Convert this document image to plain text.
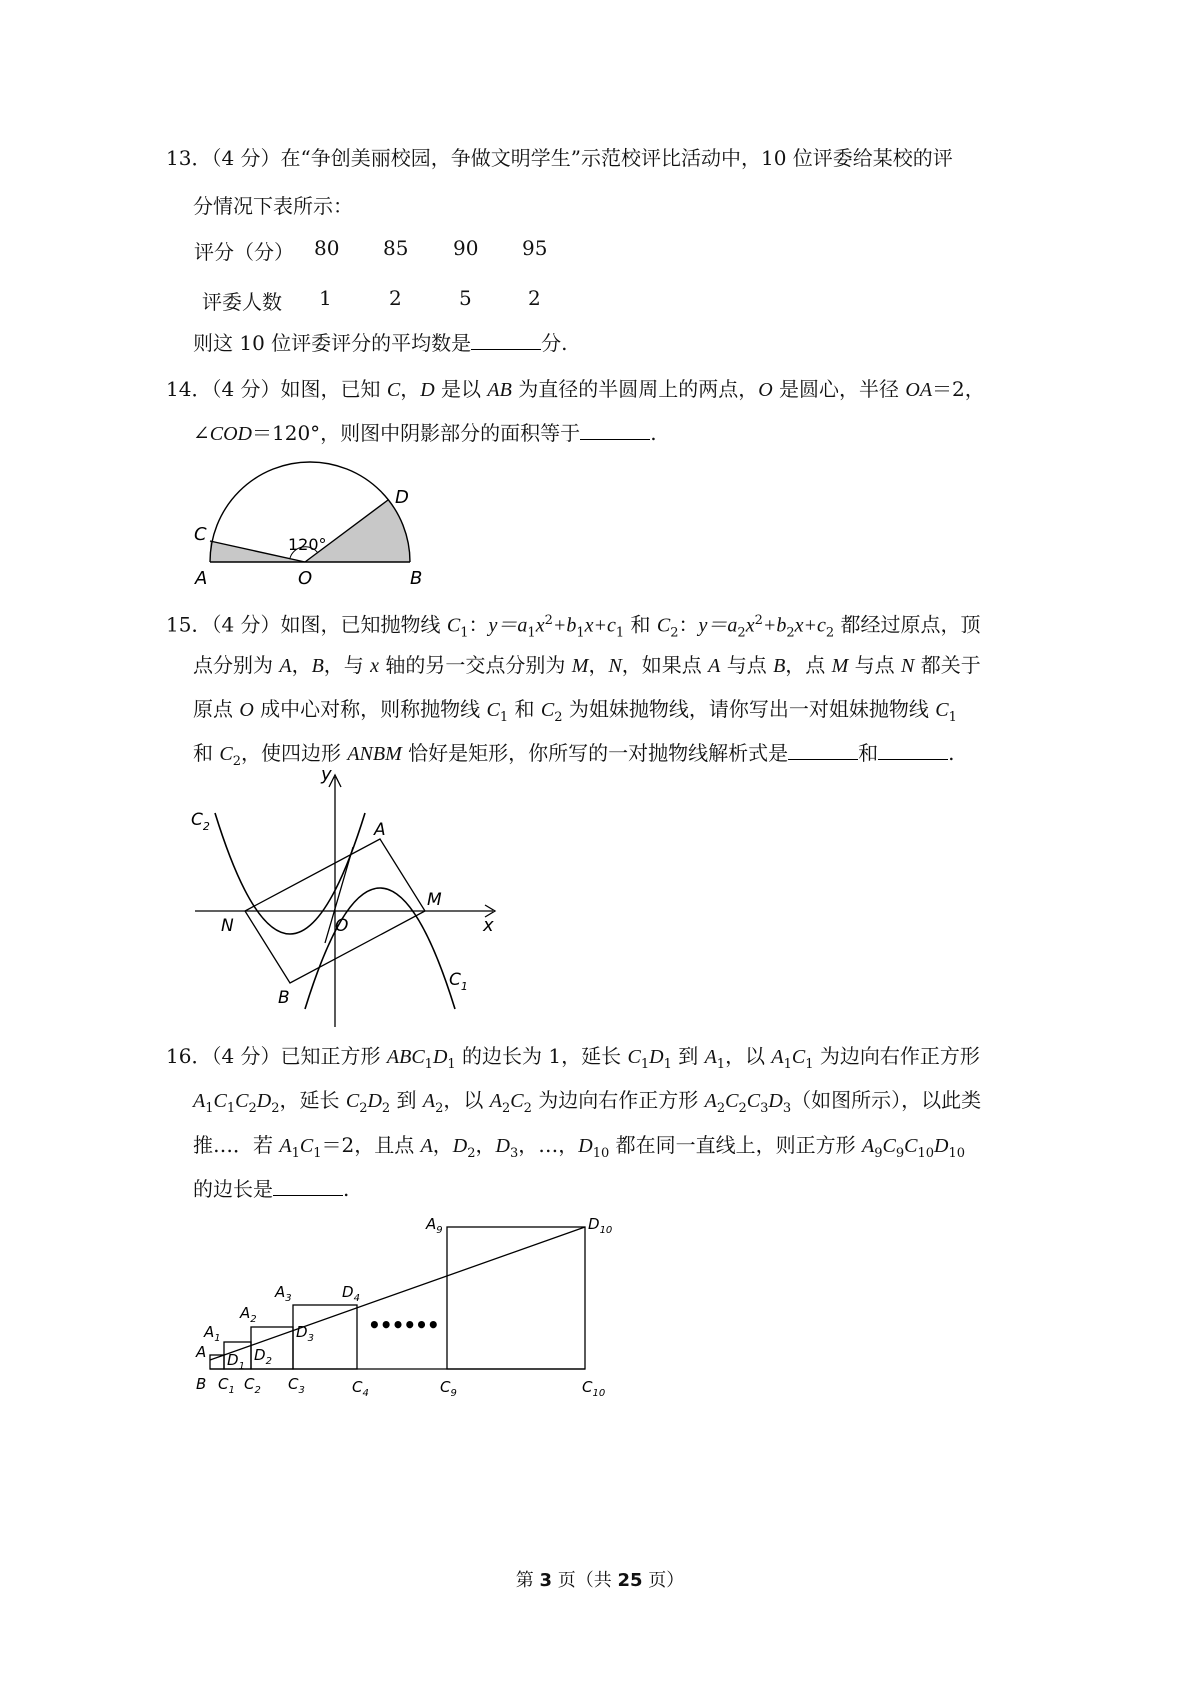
13．（4 分）在“争创美丽校园，争做文明学生”示范校评比活动中，10 位评委给某校的评
分情况下表所示：
评分（分） 80 85 90 95
评委人数 1	2	5	2
则这 10 位评委评分的平均数是	分.
14．（4 分）如图，已知 C，D 是以 AB 为直径的半圆周上的两点，O 是圆心，半径 OA＝2，
∠COD＝120°，则图中阴影部分的面积等于	.
C
D
A	O	B
120°
15．（4 分）如图，已知抛物线 $C_1$：$y=a_1x^2+b_1x+c_1$ 和 $C_2$：$y=a_2x^2+b_2x+c_2$ 都经过原点，顶
点分别为 A，B，与 x 轴的另一交点分别为 M，N，如果点 A 与点 B，点 M 与点 N 都关于
原点 O 成中心对称，则称抛物线 $C_1$ 和 $C_2$ 为姐妹抛物线，请你写出一对姐妹抛物线 $C_1$
和 $C_2$，使四边形 ANBM 恰好是矩形，你所写的一对抛物线解析式是	和	.
y
x
A
B
M
N	O
$C_2$
$C_1$
16．（4 分）已知正方形 $ABC_1D_1$ 的边长为 1，延长 $C_1D_1$ 到 $A_1$，以 $A_1C_1$ 为边向右作正方形
$A_1C_1C_2D_2$，延长 $C_2D_2$ 到 $A_2$，以 $A_2C_2$ 为边向右作正方形 $A_2C_2C_3D_3$（如图所示），以此类
推…．若 $A_1C_1=2$，且点 A，$D_2$，$D_3$，…，$D_{10}$ 都在同一直线上，则正方形 $A_9C_9C_{10}D_{10}$
的边长是	.
••••••
A
B
$A_1$
$A_2$
$A_3$
$A_9$
$D_1$
$D_2$
$D_3$
$D_4$
$D_{10}$
$C_1$ $C_2$ $C_3$	$C_4$	$C_9$	$C_{10}$
第 3 页（共 25 页）
